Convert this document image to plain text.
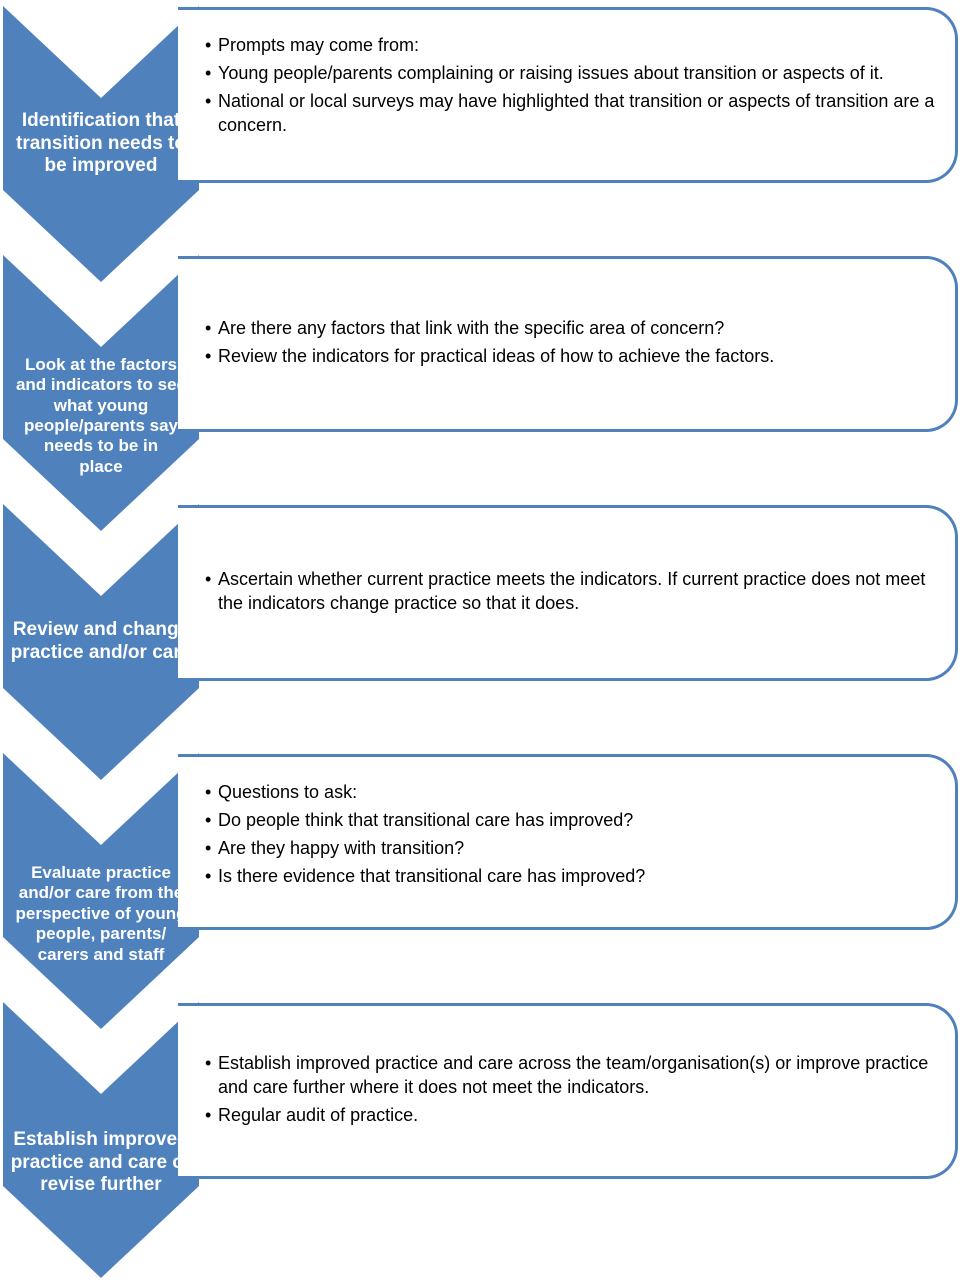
• Prompts may come from:
• Young people/parents complaining or raising issues about transition or aspects of it.
• National or local surveys may have highlighted that transition or aspects of transition are a concern.
Identification that
transition needs to
be improved
• Are there any factors that link with the specific area of concern?
• Review the indicators for practical ideas of how to achieve the factors.
Look at the factors
and indicators to see
what young
people/parents say
needs to be in
place
• Ascertain whether current practice meets the indicators. If current practice does not meet the indicators change practice so that it does.
Review and change
practice and/or care
• Questions to ask:
• Do people think that transitional care has improved?
• Are they happy with transition?
• Is there evidence that transitional care has improved?
Evaluate practice
and/or care from the
perspective of young
people, parents/
carers and staff
• Establish improved practice and care across the team/organisation(s) or improve practice and care further where it does not meet the indicators.
• Regular audit of practice.
Establish improved
practice and care or
revise further
